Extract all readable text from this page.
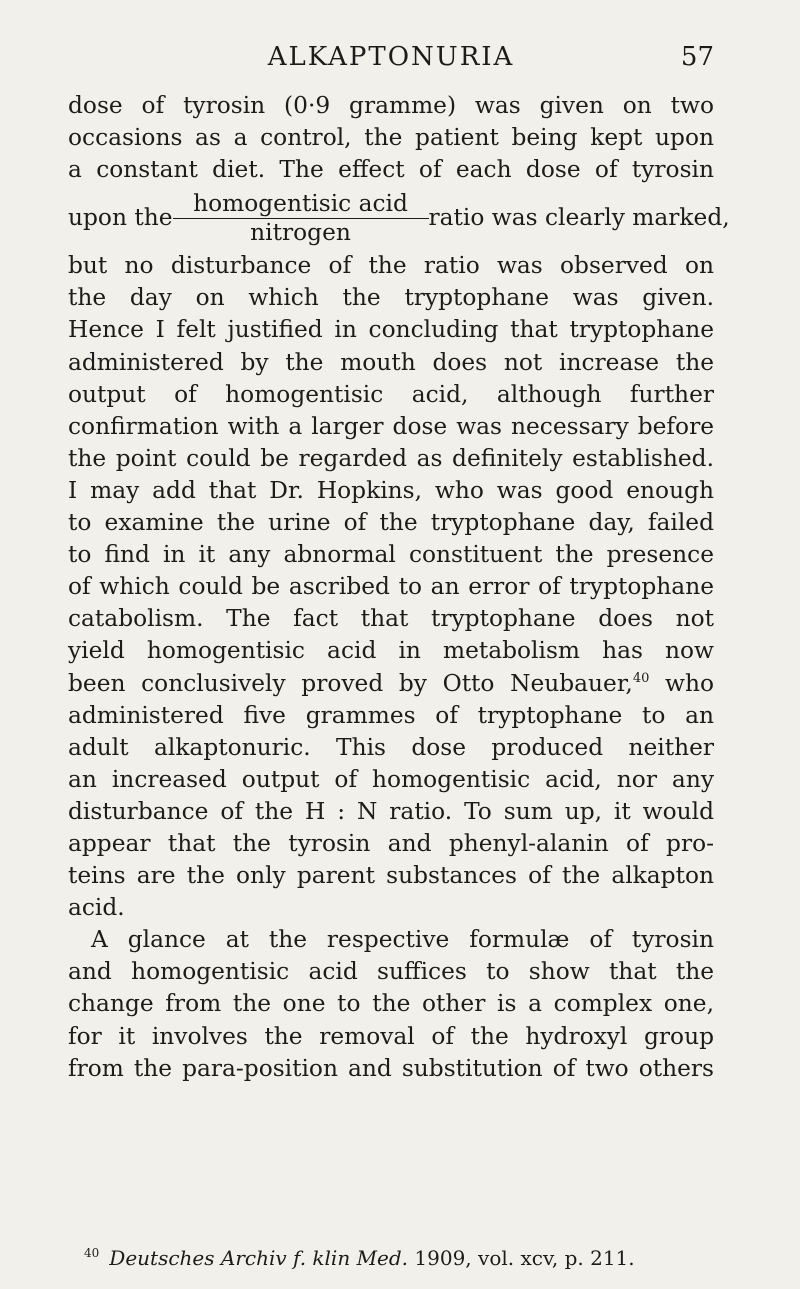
ALKAPTONURIA	57
dose of tyrosin (0·9 gramme) was given on two
occasions as a control, the patient being kept upon
a constant diet. The effect of each dose of tyrosin
upon the $\frac{\text{homogentisic acid}}{\text{nitrogen}}$ ratio was clearly marked,
but no disturbance of the ratio was observed on
the day on which the tryptophane was given.
Hence I felt justified in concluding that tryptophane
administered by the mouth does not increase the
output of homogentisic acid, although further
confirmation with a larger dose was necessary before
the point could be regarded as definitely established.
I may add that Dr. Hopkins, who was good enough
to examine the urine of the tryptophane day, failed
to find in it any abnormal constituent the presence
of which could be ascribed to an error of tryptophane
catabolism. The fact that tryptophane does not
yield homogentisic acid in metabolism has now
been conclusively proved by Otto Neubauer,$^{40}$ who
administered five grammes of tryptophane to an
adult alkaptonuric. This dose produced neither
an increased output of homogentisic acid, nor any
disturbance of the H : N ratio. To sum up, it would
appear that the tyrosin and phenyl-alanin of pro-
teins are the only parent substances of the alkapton
acid.
A glance at the respective formulæ of tyrosin
and homogentisic acid suffices to show that the
change from the one to the other is a complex one,
for it involves the removal of the hydroxyl group
from the para-position and substitution of two others
$^{40}$ Deutsches Archiv f. klin Med. 1909, vol. xcv, p. 211.
